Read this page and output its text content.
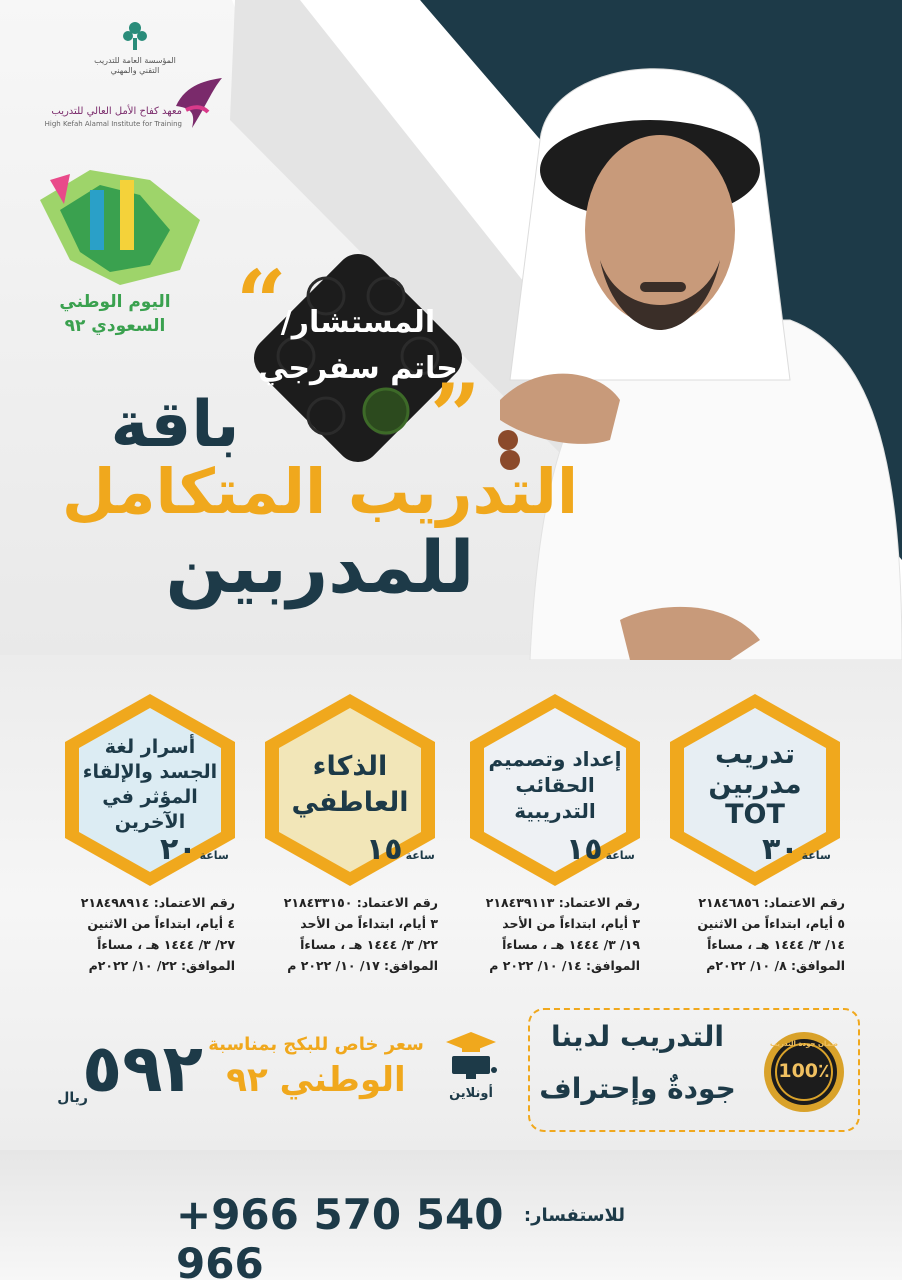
المؤسسة العامة للتدريب التقني والمهني
معهد كفاح الأمل العالي للتدريب
High Kefah Alamal Institute for Training
اليوم الوطني
السعودي ٩٢ “
”
المستشار/
حاتم سفرجي
باقة
التدريب المتكامل
للمدربين
تدريب مدربين TOT
ساعة
٣٠
إعداد وتصميم الحقائب التدريبية
ساعة
١٥
الذكاء العاطفي
ساعة
١٥
أسرار لغة الجسد والإلقاء المؤثر في الآخرين
ساعة
٢٠
رقم الاعتماد: ٢١٨٤٦٨٥٦
٥ أيام، ابتداءاً من الاثنين
١٤/ ٣/ ١٤٤٤ هـ ، مساءاً
الموافق: ٨/ ١٠/ ٢٠٢٢م
رقم الاعتماد: ٢١٨٤٣٩١١٣
٣ أيام، ابتداءاً من الأحد
١٩/ ٣/ ١٤٤٤ هـ ، مساءاً
الموافق: ١٤/ ١٠/ ٢٠٢٢ م
رقم الاعتماد: ٢١٨٤٣٣١٥٠
٣ أيام، ابتداءاً من الأحد
٢٢/ ٣/ ١٤٤٤ هـ ، مساءاً
الموافق: ١٧/ ١٠/ ٢٠٢٢ م
رقم الاعتماد: ٢١٨٤٩٨٩١٤
٤ أيام، ابتداءاً من الاثنين
٢٧/ ٣/ ١٤٤٤ هـ ، مساءاً
الموافق: ٢٢/ ١٠/ ٢٠٢٢م
التدريب لدينا
جودةٌ وإحتراف
ضمان جودة التدريب
100٪
أونلاين
سعر خاص للبكج بمناسبة
الوطني ٩٢
٥٩٢
ريال
للاستفسار:
+966 570 540 966
